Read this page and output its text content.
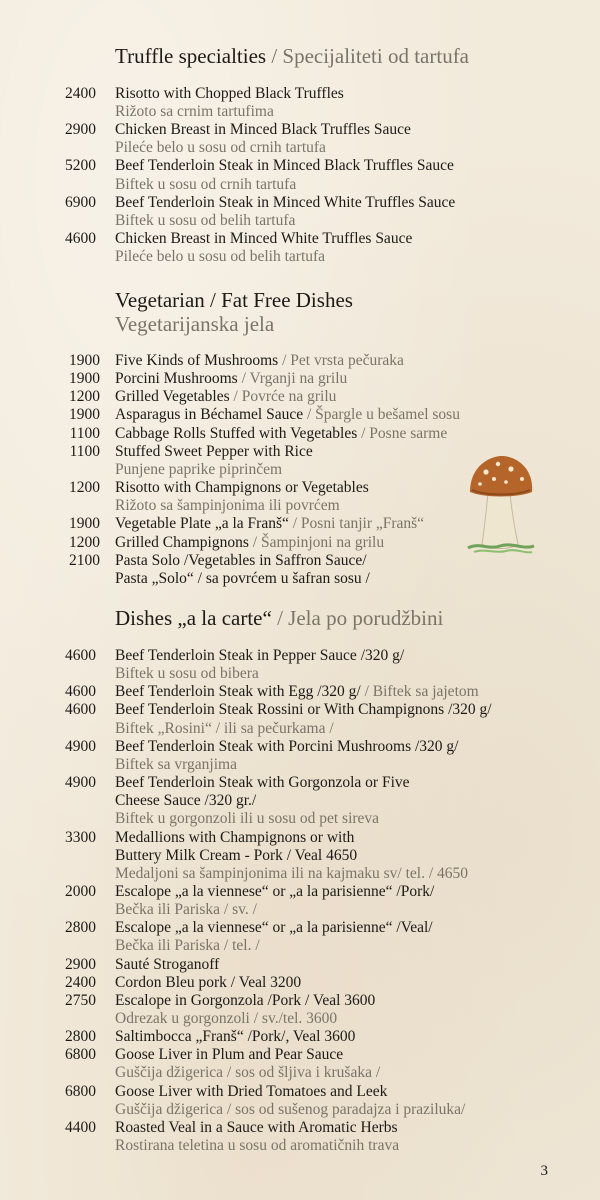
Truffle specialties / Specijaliteti od tartufa
2400 Risotto with Chopped Black Truffles
Rižoto sa crnim tartufima
2900 Chicken Breast in Minced Black Truffles Sauce
Pileće belo u sosu od crnih tartufa
5200 Beef Tenderloin Steak in Minced Black Truffles Sauce
Biftek u sosu od crnih tartufa
6900 Beef Tenderloin Steak in Minced White Truffles Sauce
Biftek u sosu od belih tartufa
4600 Chicken Breast in Minced White Truffles Sauce
Pileće belo u sosu od belih tartufa
Vegetarian / Fat Free Dishes
Vegetarijanska jela
1900 Five Kinds of Mushrooms / Pet vrsta pečuraka
1900 Porcini Mushrooms / Vrganji na grilu
1200 Grilled Vegetables / Povrće na grilu
1900 Asparagus in Béchamel Sauce / Špargle u bešamel sosu
1100 Cabbage Rolls Stuffed with Vegetables / Posne sarme
1100 Stuffed Sweet Pepper with Rice
Punjene paprike piprinčem
1200 Risotto with Champignons or Vegetables
Rižoto sa šampinjonima ili povrćem
1900 Vegetable Plate „a la Franš“ / Posni tanjir „Franš“
1200 Grilled Champignons / Šampinjoni na grilu
2100 Pasta Solo /Vegetables in Saffron Sauce/
Pasta „Solo“ / sa povrćem u šafran sosu /
Dishes „a la carte“ / Jela po porudžbini
4600 Beef Tenderloin Steak in Pepper Sauce /320 g/
Biftek u sosu od bibera
4600 Beef Tenderloin Steak with Egg /320 g/ / Biftek sa jajetom
4600 Beef Tenderloin Steak Rossini or With Champignons /320 g/
Biftek „Rosini“ / ili sa pečurkama /
4900 Beef Tenderloin Steak with Porcini Mushrooms /320 g/
Biftek sa vrganjima
4900 Beef Tenderloin Steak with Gorgonzola or Five
Cheese Sauce /320 gr./
Biftek u gorgonzoli ili u sosu od pet sireva
3300 Medallions with Champignons or with
Buttery Milk Cream - Pork / Veal 4650
Medaljoni sa šampinjonima ili na kajmaku sv/ tel. / 4650
2000 Escalope „a la viennese“ or „a la parisienne“ /Pork/
Bečka ili Pariska / sv. /
2800 Escalope „a la viennese“ or „a la parisienne“ /Veal/
Bečka ili Pariska / tel. /
2900 Sauté Stroganoff
2400 Cordon Bleu pork / Veal 3200
2750 Escalope in Gorgonzola /Pork / Veal 3600
Odrezak u gorgonzoli / sv./tel. 3600
2800 Saltimbocca „Franš“ /Pork/, Veal 3600
6800 Goose Liver in Plum and Pear Sauce
Guščija džigerica / sos od šljiva i krušaka /
6800 Goose Liver with Dried Tomatoes and Leek
Guščija džigerica / sos od sušenog paradajza i praziluka/
4400 Roasted Veal in a Sauce with Aromatic Herbs
Rostirana teletina u sosu od aromatičnih trava
3
